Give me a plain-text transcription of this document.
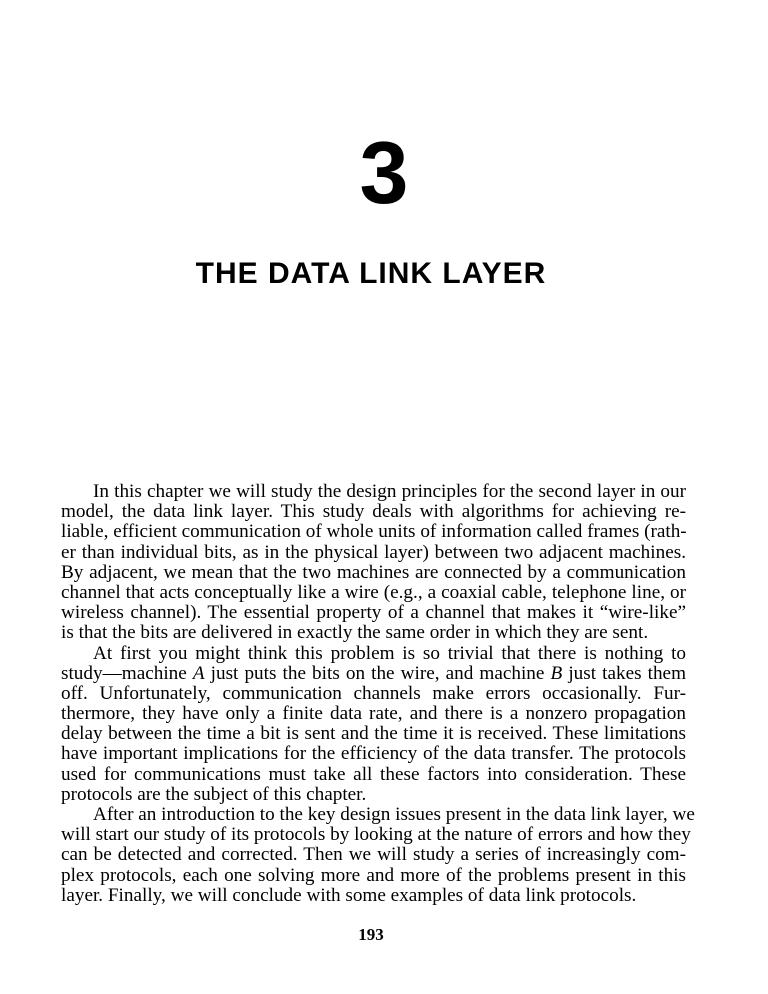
3
THE DATA LINK LAYER
In this chapter we will study the design principles for the second layer in our
model, the data link layer. This study deals with algorithms for achieving re-
liable, efficient communication of whole units of information called frames (rath-
er than individual bits, as in the physical layer) between two adjacent machines.
By adjacent, we mean that the two machines are connected by a communication
channel that acts conceptually like a wire (e.g., a coaxial cable, telephone line, or
wireless channel). The essential property of a channel that makes it “wire-like”
is that the bits are delivered in exactly the same order in which they are sent.
At first you might think this problem is so trivial that there is nothing to
study—machine A just puts the bits on the wire, and machine B just takes them
off. Unfortunately, communication channels make errors occasionally. Fur-
thermore, they have only a finite data rate, and there is a nonzero propagation
delay between the time a bit is sent and the time it is received. These limitations
have important implications for the efficiency of the data transfer. The protocols
used for communications must take all these factors into consideration. These
protocols are the subject of this chapter.
After an introduction to the key design issues present in the data link layer, we
will start our study of its protocols by looking at the nature of errors and how they
can be detected and corrected. Then we will study a series of increasingly com-
plex protocols, each one solving more and more of the problems present in this
layer. Finally, we will conclude with some examples of data link protocols.
193
